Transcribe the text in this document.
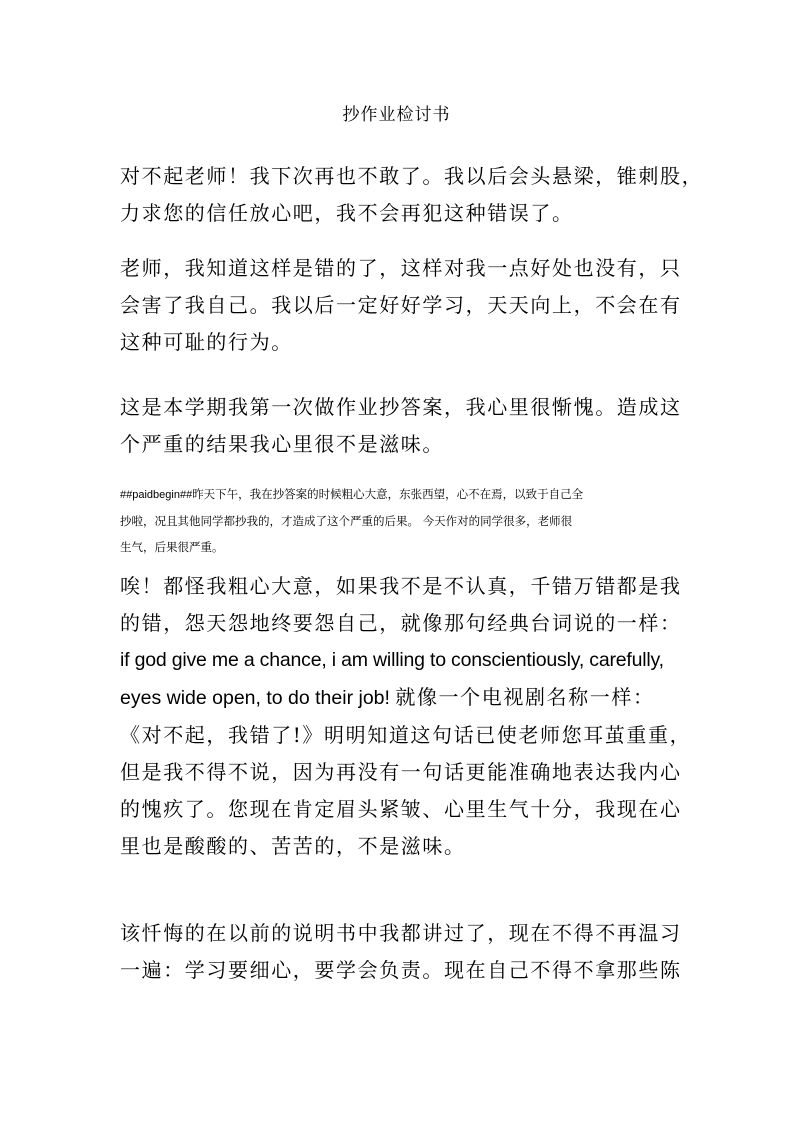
抄作业检讨书
对不起老师！我下次再也不敢了。我以后会头悬梁，锥刺股，
力求您的信任放心吧，我不会再犯这种错误了。
老师，我知道这样是错的了，这样对我一点好处也没有，只
会害了我自己。我以后一定好好学习，天天向上，不会在有
这种可耻的行为。
这是本学期我第一次做作业抄答案，我心里很惭愧。造成这
个严重的结果我心里很不是滋味。
##paidbegin##昨天下午，我在抄答案的时候粗心大意，东张西望，心不在焉，以致于自己全
抄啦，况且其他同学都抄我的，才造成了这个严重的后果。 今天作对的同学很多，老师很
生气，后果很严重。
唉！都怪我粗心大意，如果我不是不认真，千错万错都是我
的错，怨天怨地终要怨自己，就像那句经典台词说的一样：
if god give me a chance, i am willing to conscientiously, carefully,
eyes wide open, to do their job! 就像一个电视剧名称一样：
《对不起，我错了!》明明知道这句话已使老师您耳茧重重，
但是我不得不说，因为再没有一句话更能准确地表达我内心
的愧疚了。您现在肯定眉头紧皱、心里生气十分，我现在心
里也是酸酸的、苦苦的，不是滋味。
该忏悔的在以前的说明书中我都讲过了，现在不得不再温习
一遍：学习要细心，要学会负责。现在自己不得不拿那些陈
